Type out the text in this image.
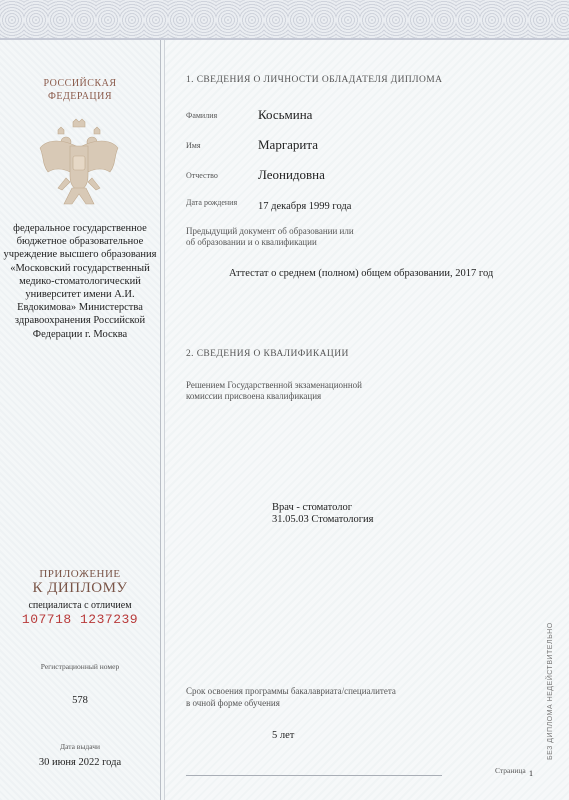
РОССИЙСКАЯ ФЕДЕРАЦИЯ
федеральное государственное бюджетное образовательное учреждение высшего образования «Московский государственный медико-стоматологический университет имени А.И. Евдокимова» Министерства здравоохранения Российской Федерации г. Москва
ПРИЛОЖЕНИЕ
К ДИПЛОМУ
специалиста с отличием
107718 1237239
Регистрационный номер
578
Дата выдачи
30 июня 2022 года
1. СВЕДЕНИЯ О ЛИЧНОСТИ ОБЛАДАТЕЛЯ ДИПЛОМА
Фамилия	Косьмина
Имя	Маргарита
Отчество	Леонидовна
Дата рождения 17 декабря 1999 года
Предыдущий документ об образовании или
об образовании и о квалификации
Аттестат о среднем (полном) общем образовании, 2017 год
2. СВЕДЕНИЯ О КВАЛИФИКАЦИИ
Решением Государственной экзаменационной
комиссии присвоена квалификация
Врач - стоматолог
31.05.03 Стоматология
Срок освоения программы бакалавриата/специалитета
в очной форме обучения
5 лет
Страница 1
БЕЗ ДИПЛОМА НЕДЕЙСТВИТЕЛЬНО
